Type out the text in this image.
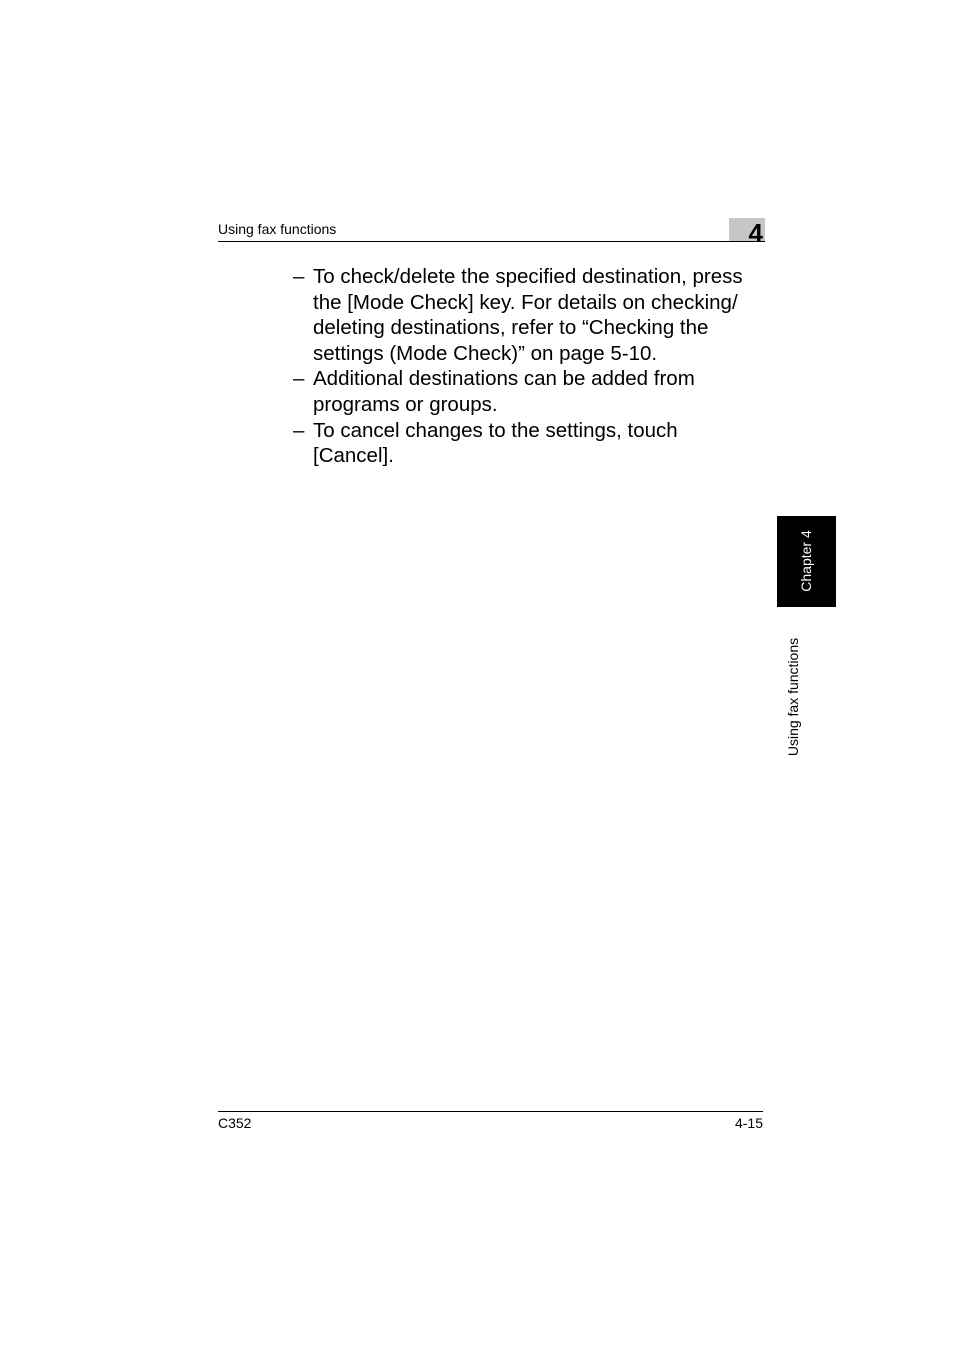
Using fax functions	4
– To check/delete the specified destination, press the [Mode Check] key. For details on checking/ deleting destinations, refer to “Checking the settings (Mode Check)” on page 5-10.
– Additional destinations can be added from programs or groups.
– To cancel changes to the settings, touch [Cancel].
Chapter 4
Using fax functions
C352	4-15
